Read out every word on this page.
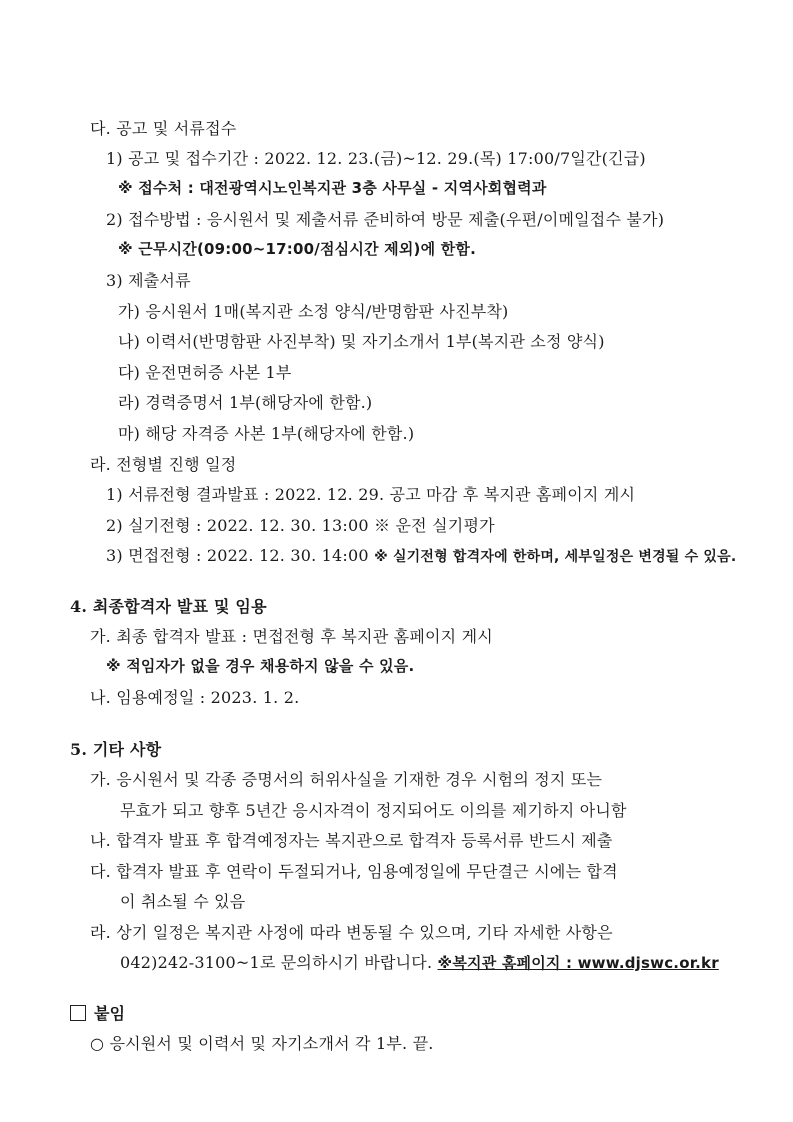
다. 공고 및 서류접수
1) 공고 및 접수기간 : 2022. 12. 23.(금)~12. 29.(목) 17:00/7일간(긴급)
※ 접수처 : 대전광역시노인복지관 3층 사무실 - 지역사회협력과
2) 접수방법 : 응시원서 및 제출서류 준비하여 방문 제출(우편/이메일접수 불가)
※ 근무시간(09:00~17:00/점심시간 제외)에 한함.
3) 제출서류
가) 응시원서 1매(복지관 소정 양식/반명함판 사진부착)
나) 이력서(반명함판 사진부착) 및 자기소개서 1부(복지관 소정 양식)
다) 운전면허증 사본 1부
라) 경력증명서 1부(해당자에 한함.)
마) 해당 자격증 사본 1부(해당자에 한함.)
라. 전형별 진행 일정
1) 서류전형 결과발표 : 2022. 12. 29. 공고 마감 후 복지관 홈페이지 게시
2) 실기전형 : 2022. 12. 30. 13:00 ※ 운전 실기평가
3) 면접전형 : 2022. 12. 30. 14:00 ※ 실기전형 합격자에 한하며, 세부일정은 변경될 수 있음.
4. 최종합격자 발표 및 임용
가. 최종 합격자 발표 : 면접전형 후 복지관 홈페이지 게시
※ 적임자가 없을 경우 채용하지 않을 수 있음.
나. 임용예정일 : 2023. 1. 2.
5. 기타 사항
가. 응시원서 및 각종 증명서의 허위사실을 기재한 경우 시험의 정지 또는
무효가 되고 향후 5년간 응시자격이 정지되어도 이의를 제기하지 아니함
나. 합격자 발표 후 합격예정자는 복지관으로 합격자 등록서류 반드시 제출
다. 합격자 발표 후 연락이 두절되거나, 임용예정일에 무단결근 시에는 합격
이 취소될 수 있음
라. 상기 일정은 복지관 사정에 따라 변동될 수 있으며, 기타 자세한 사항은
042)242-3100~1로 문의하시기 바랍니다. ※복지관 홈페이지 : www.djswc.or.kr
붙임
○ 응시원서 및 이력서 및 자기소개서 각 1부. 끝.
